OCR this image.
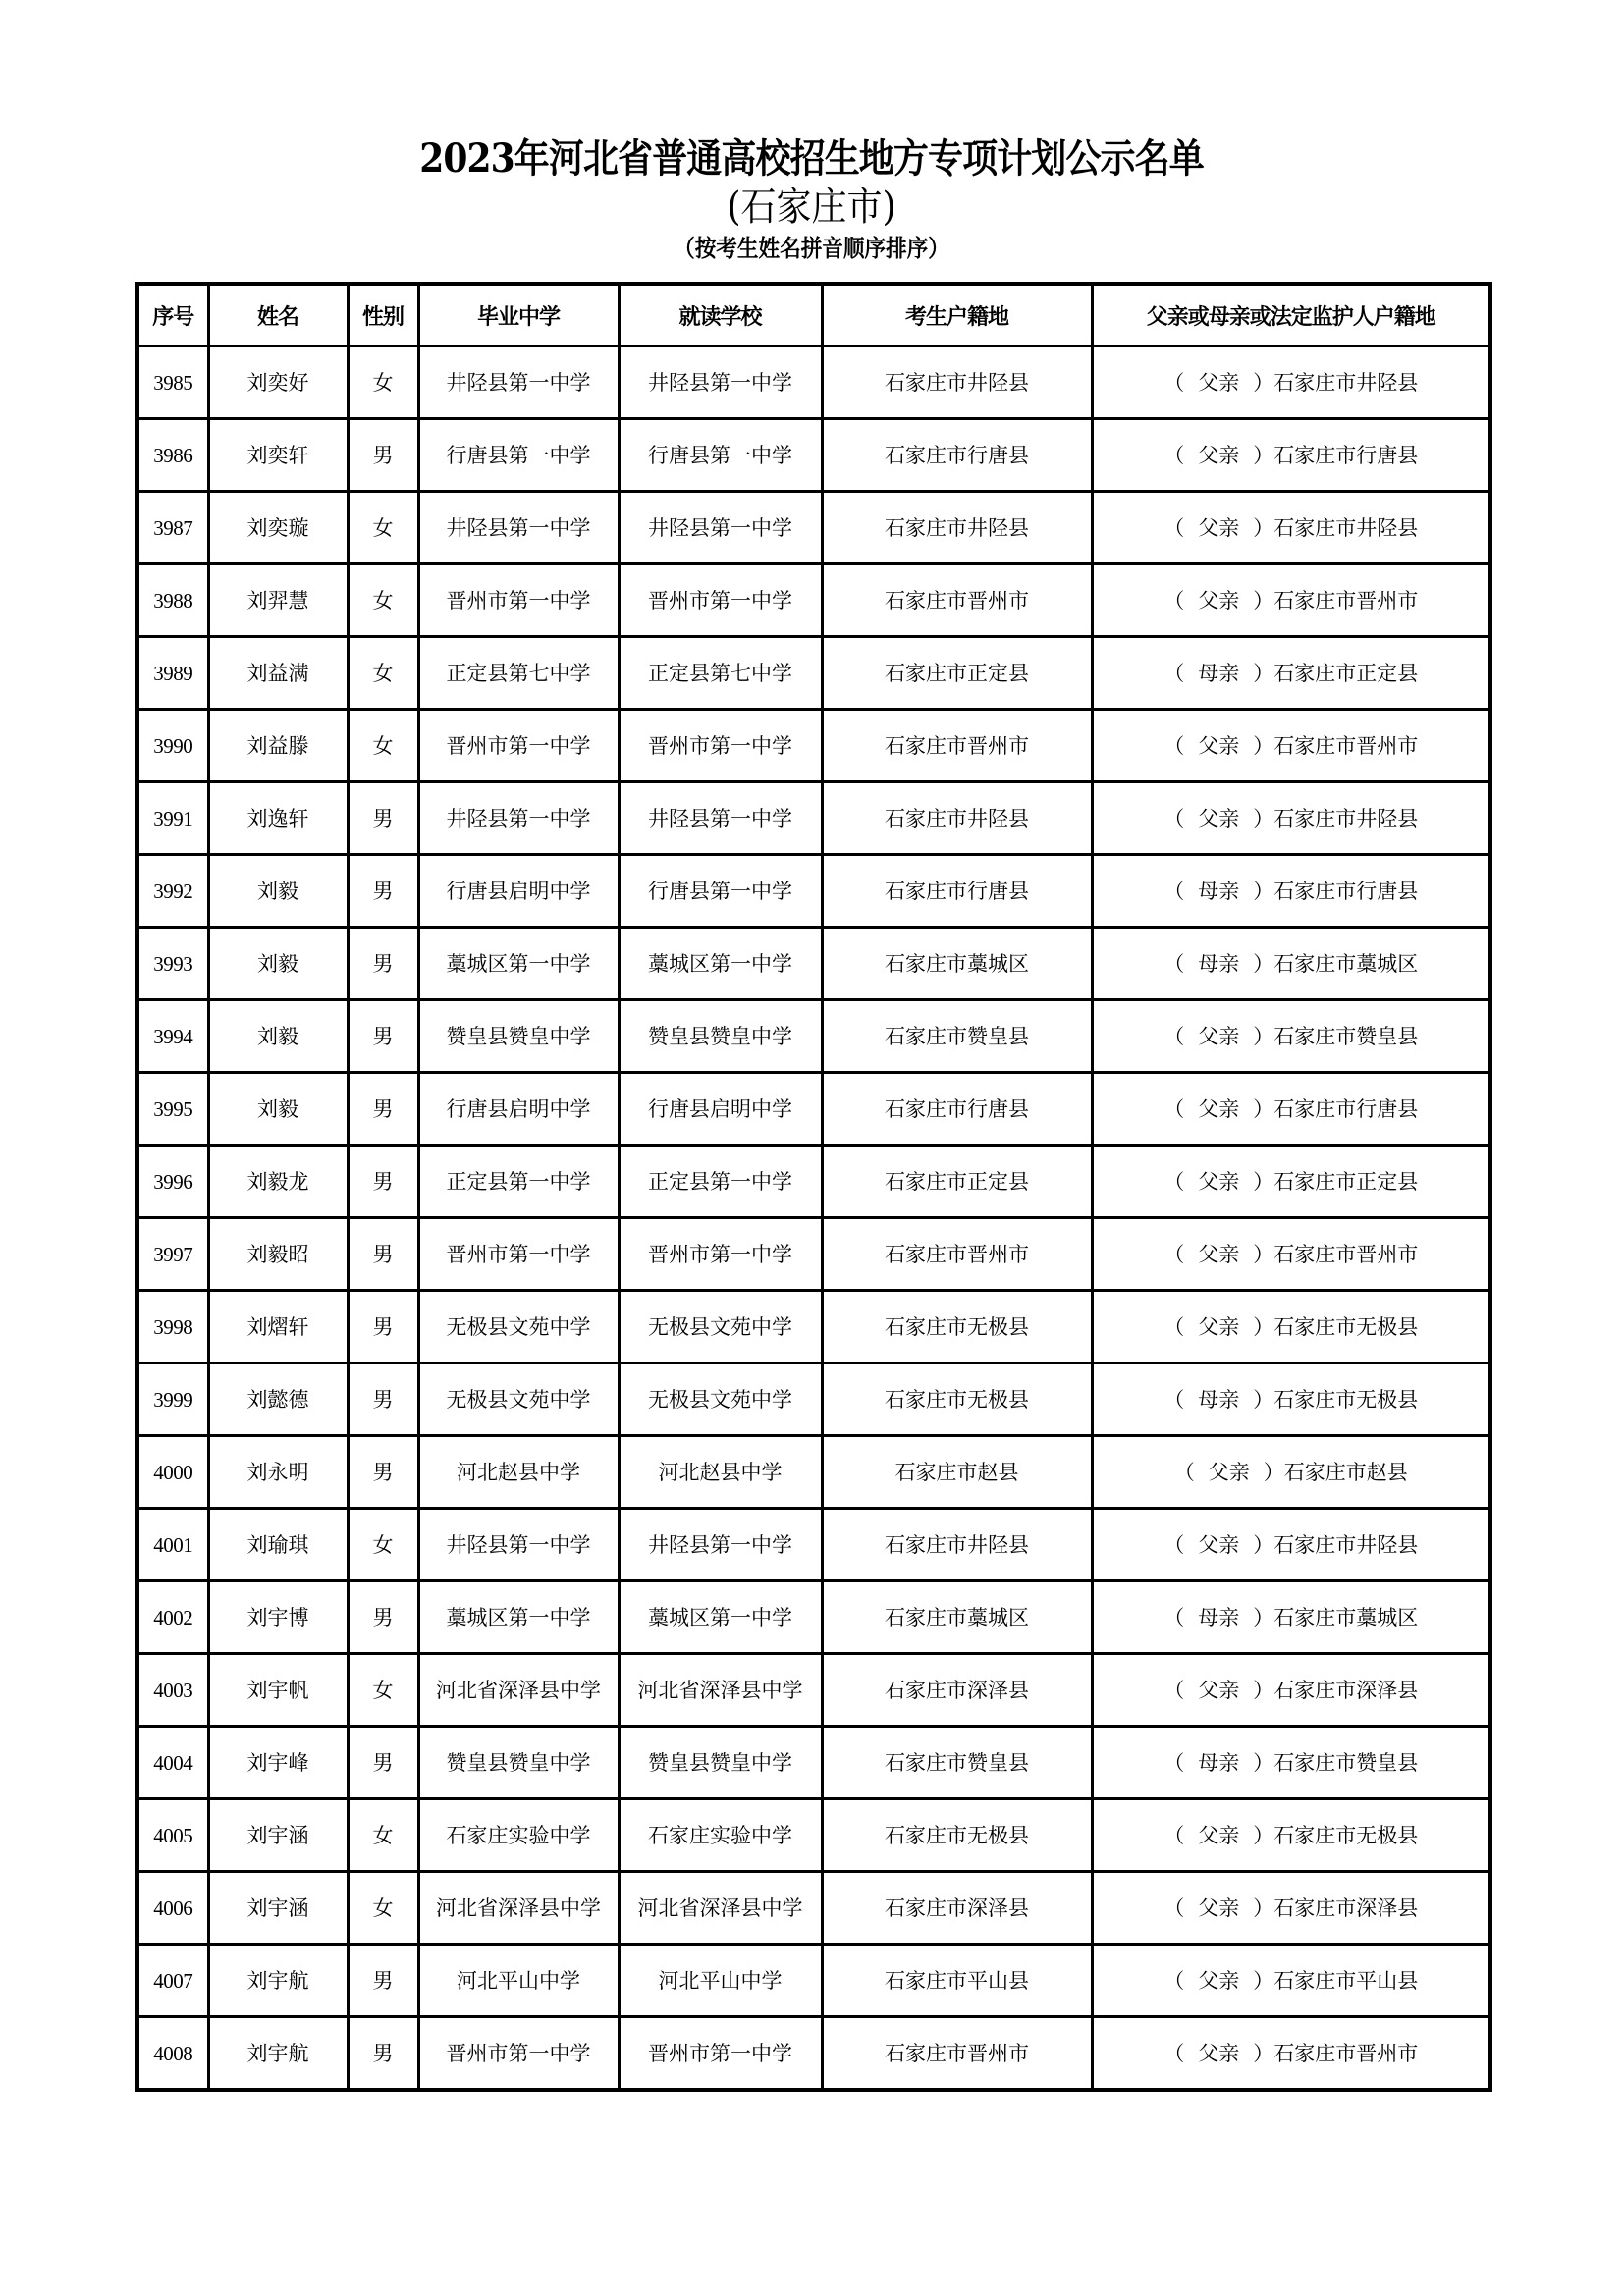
2023年河北省普通高校招生地方专项计划公示名单
(石家庄市)
（按考生姓名拼音顺序排序）
序号	姓名	性别	毕业中学	就读学校	考生户籍地	父亲或母亲或法定监护人户籍地
3985	刘奕好	女	井陉县第一中学	井陉县第一中学	石家庄市井陉县	（ 父亲 ）石家庄市井陉县
3986	刘奕轩	男	行唐县第一中学	行唐县第一中学	石家庄市行唐县	（ 父亲 ）石家庄市行唐县
3987	刘奕璇	女	井陉县第一中学	井陉县第一中学	石家庄市井陉县	（ 父亲 ）石家庄市井陉县
3988	刘羿慧	女	晋州市第一中学	晋州市第一中学	石家庄市晋州市	（ 父亲 ）石家庄市晋州市
3989	刘益满	女	正定县第七中学	正定县第七中学	石家庄市正定县	（ 母亲 ）石家庄市正定县
3990	刘益滕	女	晋州市第一中学	晋州市第一中学	石家庄市晋州市	（ 父亲 ）石家庄市晋州市
3991	刘逸轩	男	井陉县第一中学	井陉县第一中学	石家庄市井陉县	（ 父亲 ）石家庄市井陉县
3992	刘毅	男	行唐县启明中学	行唐县第一中学	石家庄市行唐县	（ 母亲 ）石家庄市行唐县
3993	刘毅	男	藁城区第一中学	藁城区第一中学	石家庄市藁城区	（ 母亲 ）石家庄市藁城区
3994	刘毅	男	赞皇县赞皇中学	赞皇县赞皇中学	石家庄市赞皇县	（ 父亲 ）石家庄市赞皇县
3995	刘毅	男	行唐县启明中学	行唐县启明中学	石家庄市行唐县	（ 父亲 ）石家庄市行唐县
3996	刘毅龙	男	正定县第一中学	正定县第一中学	石家庄市正定县	（ 父亲 ）石家庄市正定县
3997	刘毅昭	男	晋州市第一中学	晋州市第一中学	石家庄市晋州市	（ 父亲 ）石家庄市晋州市
3998	刘熠轩	男	无极县文苑中学	无极县文苑中学	石家庄市无极县	（ 父亲 ）石家庄市无极县
3999	刘懿德	男	无极县文苑中学	无极县文苑中学	石家庄市无极县	（ 母亲 ）石家庄市无极县
4000	刘永明	男	河北赵县中学	河北赵县中学	石家庄市赵县	（ 父亲 ）石家庄市赵县
4001	刘瑜琪	女	井陉县第一中学	井陉县第一中学	石家庄市井陉县	（ 父亲 ）石家庄市井陉县
4002	刘宇博	男	藁城区第一中学	藁城区第一中学	石家庄市藁城区	（ 母亲 ）石家庄市藁城区
4003	刘宇帆	女	河北省深泽县中学	河北省深泽县中学	石家庄市深泽县	（ 父亲 ）石家庄市深泽县
4004	刘宇峰	男	赞皇县赞皇中学	赞皇县赞皇中学	石家庄市赞皇县	（ 母亲 ）石家庄市赞皇县
4005	刘宇涵	女	石家庄实验中学	石家庄实验中学	石家庄市无极县	（ 父亲 ）石家庄市无极县
4006	刘宇涵	女	河北省深泽县中学	河北省深泽县中学	石家庄市深泽县	（ 父亲 ）石家庄市深泽县
4007	刘宇航	男	河北平山中学	河北平山中学	石家庄市平山县	（ 父亲 ）石家庄市平山县
4008	刘宇航	男	晋州市第一中学	晋州市第一中学	石家庄市晋州市	（ 父亲 ）石家庄市晋州市
